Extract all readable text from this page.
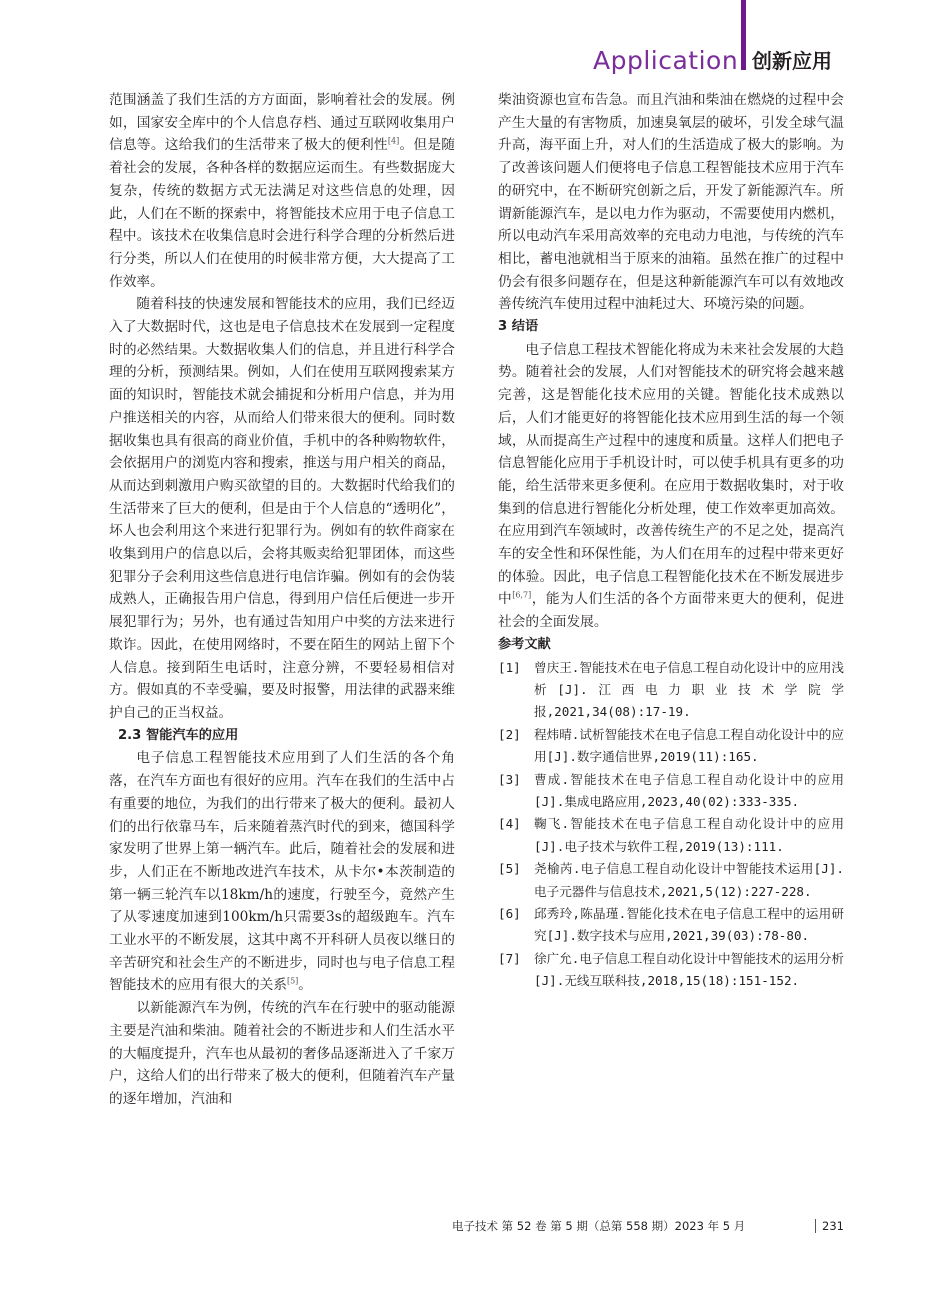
Application 创新应用

范围涵盖了我们生活的方方面面，影响着社会的发展。例如，国家安全库中的个人信息存档、通过互联网收集用户信息等。这给我们的生活带来了极大的便利性[4]。但是随着社会的发展，各种各样的数据应运而生。有些数据庞大复杂，传统的数据方式无法满足对这些信息的处理，因此，人们在不断的探索中，将智能技术应用于电子信息工程中。该技术在收集信息时会进行科学合理的分析然后进行分类，所以人们在使用的时候非常方便，大大提高了工作效率。

随着科技的快速发展和智能技术的应用，我们已经迈入了大数据时代，这也是电子信息技术在发展到一定程度时的必然结果。大数据收集人们的信息，并且进行科学合理的分析，预测结果。例如，人们在使用互联网搜索某方面的知识时，智能技术就会捕捉和分析用户信息，并为用户推送相关的内容，从而给人们带来很大的便利。同时数据收集也具有很高的商业价值，手机中的各种购物软件，会依据用户的浏览内容和搜索，推送与用户相关的商品，从而达到刺激用户购买欲望的目的。大数据时代给我们的生活带来了巨大的便利，但是由于个人信息的“透明化”，坏人也会利用这个来进行犯罪行为。例如有的软件商家在收集到用户的信息以后，会将其贩卖给犯罪团体，而这些犯罪分子会利用这些信息进行电信诈骗。例如有的会伪装成熟人，正确报告用户信息，得到用户信任后便进一步开展犯罪行为；另外，也有通过告知用户中奖的方法来进行欺诈。因此，在使用网络时，不要在陌生的网站上留下个人信息。接到陌生电话时，注意分辨，不要轻易相信对方。假如真的不幸受骗，要及时报警，用法律的武器来维护自己的正当权益。

2.3 智能汽车的应用

电子信息工程智能技术应用到了人们生活的各个角落，在汽车方面也有很好的应用。汽车在我们的生活中占有重要的地位，为我们的出行带来了极大的便利。最初人们的出行依靠马车，后来随着蒸汽时代的到来，德国科学家发明了世界上第一辆汽车。此后，随着社会的发展和进步，人们正在不断地改进汽车技术，从卡尔•本茨制造的第一辆三轮汽车以18km/h的速度，行驶至今，竟然产生了从零速度加速到100km/h只需要3s的超级跑车。汽车工业水平的不断发展，这其中离不开科研人员夜以继日的辛苦研究和社会生产的不断进步，同时也与电子信息工程智能技术的应用有很大的关系[5]。

以新能源汽车为例，传统的汽车在行驶中的驱动能源主要是汽油和柴油。随着社会的不断进步和人们生活水平的大幅度提升，汽车也从最初的奢侈品逐渐进入了千家万户，这给人们的出行带来了极大的便利，但随着汽车产量的逐年增加，汽油和

柴油资源也宣布告急。而且汽油和柴油在燃烧的过程中会产生大量的有害物质，加速臭氧层的破坏，引发全球气温升高，海平面上升，对人们的生活造成了极大的影响。为了改善该问题人们便将电子信息工程智能技术应用于汽车的研究中，在不断研究创新之后，开发了新能源汽车。所谓新能源汽车，是以电力作为驱动，不需要使用内燃机，所以电动汽车采用高效率的充电动力电池，与传统的汽车相比，蓄电池就相当于原来的油箱。虽然在推广的过程中仍会有很多问题存在，但是这种新能源汽车可以有效地改善传统汽车使用过程中油耗过大、环境污染的问题。

3 结语

电子信息工程技术智能化将成为未来社会发展的大趋势。随着社会的发展，人们对智能技术的研究将会越来越完善，这是智能化技术应用的关键。智能化技术成熟以后，人们才能更好的将智能化技术应用到生活的每一个领域，从而提高生产过程中的速度和质量。这样人们把电子信息智能化应用于手机设计时，可以使手机具有更多的功能，给生活带来更多便利。在应用于数据收集时，对于收集到的信息进行智能化分析处理，使工作效率更加高效。在应用到汽车领域时，改善传统生产的不足之处，提高汽车的安全性和环保性能，为人们在用车的过程中带来更好的体验。因此，电子信息工程智能化技术在不断发展进步中[6,7]，能为人们生活的各个方面带来更大的便利，促进社会的全面发展。

参考文献

[1] 曾庆王.智能技术在电子信息工程自动化设计中的应用浅析[J].江西电力职业技术学院学报,2021,34(08):17-19.

[2] 程炜晴.试析智能技术在电子信息工程自动化设计中的应用[J].数字通信世界,2019(11):165.

[3] 曹成.智能技术在电子信息工程自动化设计中的应用[J].集成电路应用,2023,40(02):333-335.

[4] 鞠飞.智能技术在电子信息工程自动化设计中的应用[J].电子技术与软件工程,2019(13):111.

[5] 尧榆芮.电子信息工程自动化设计中智能技术运用[J].电子元器件与信息技术,2021,5(12):227-228.

[6] 邱秀玲,陈晶瑾.智能化技术在电子信息工程中的运用研究[J].数字技术与应用,2021,39(03):78-80.

[7] 徐广允.电子信息工程自动化设计中智能技术的运用分析[J].无线互联科技,2018,15(18):151-152.

电子技术 第 52 卷 第 5 期（总第 558 期）2023 年 5 月	231
